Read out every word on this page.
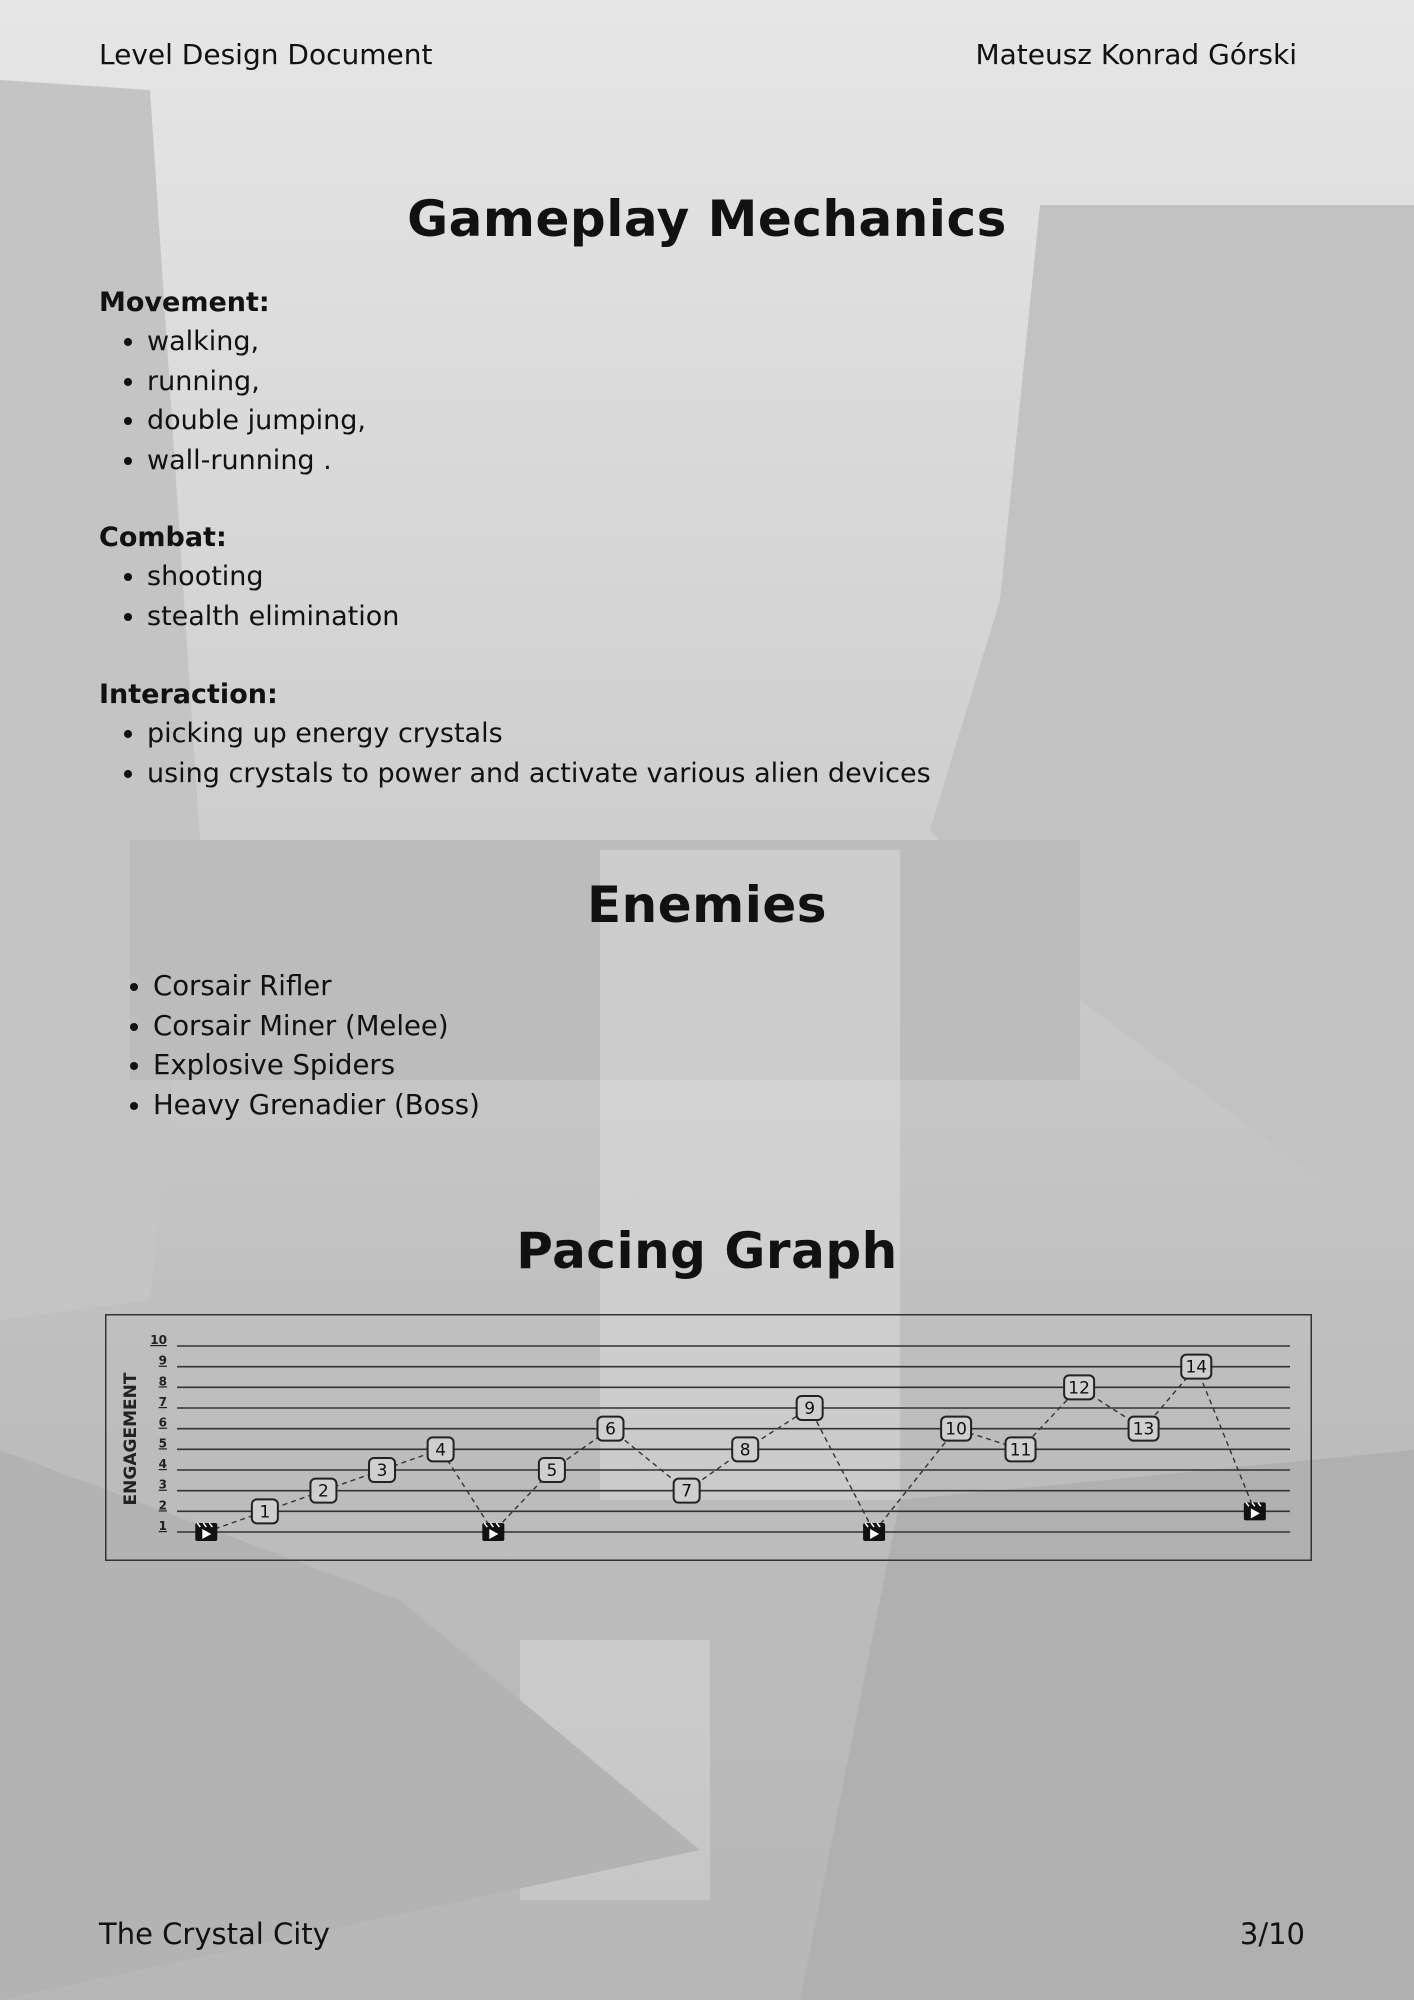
Level Design Document	Mateusz Konrad Górski
Gameplay Mechanics
Movement:
• walking,
• running,
• double jumping,
• wall-running .
Combat:
• shooting
• stealth elimination
Interaction:
• picking up energy crystals
• using crystals to power and activate various alien devices
Enemies
• Corsair Rifler
• Corsair Miner (Melee)
• Explosive Spiders
• Heavy Grenadier (Boss)
Pacing Graph
1
2
3
4
5
6
7
8
9
10
ENGAGEMENT
1
2
3
4
5
6
7
8
9
10
11
12
13
14
The Crystal City	3/10
